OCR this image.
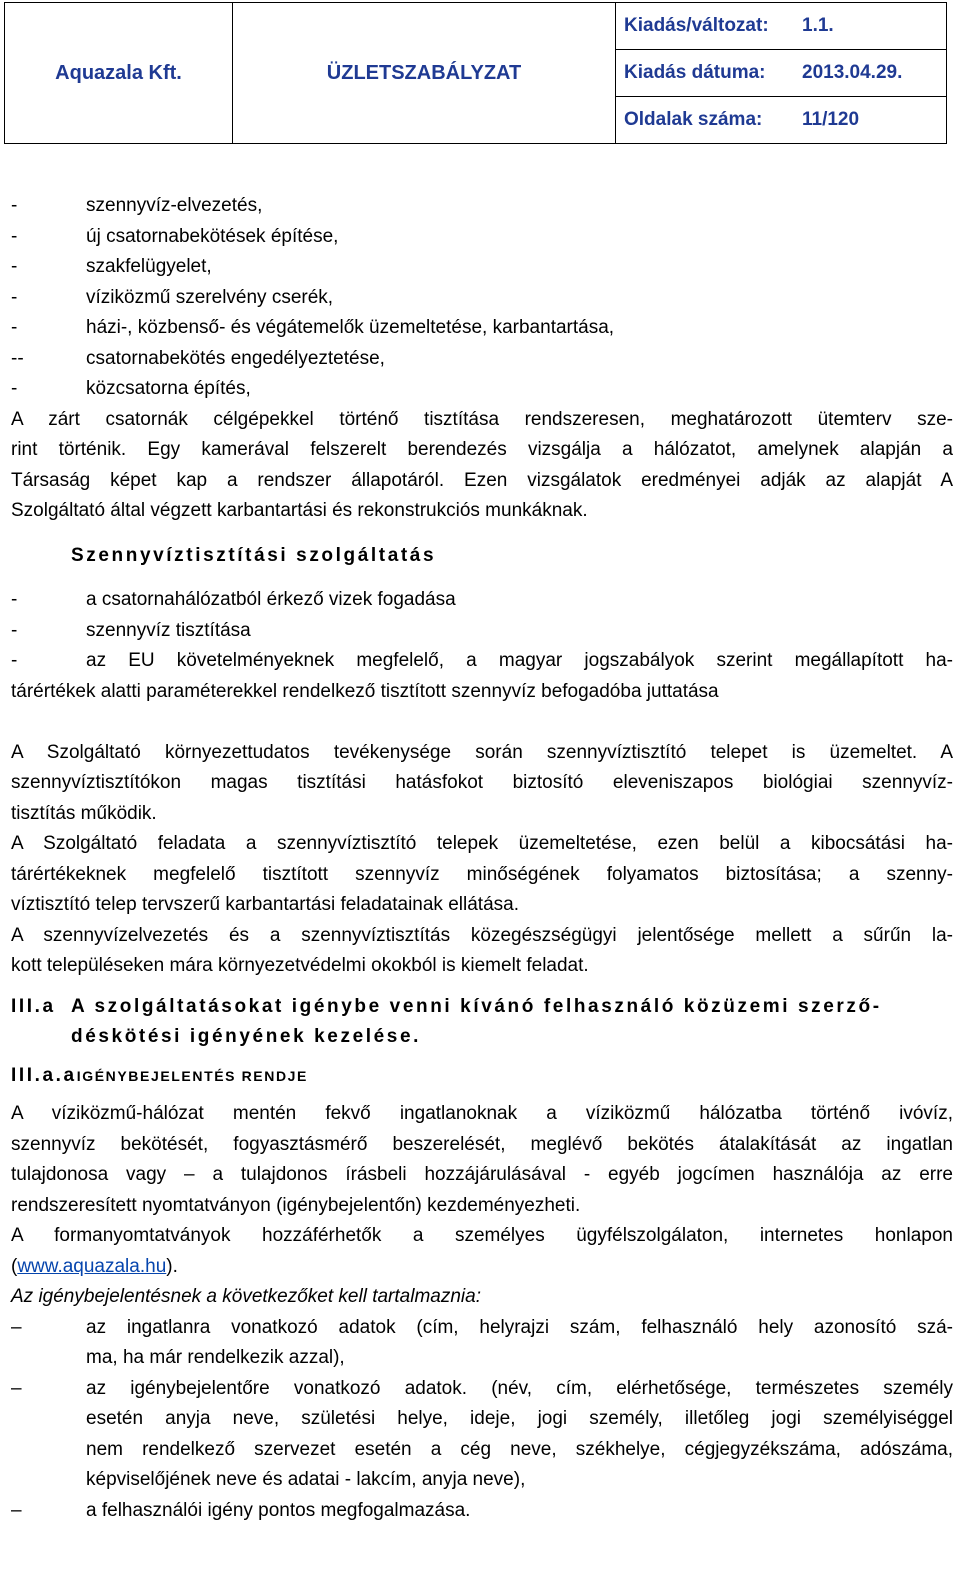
Aquazala Kft.	ÜZLETSZABÁLYZAT	Kiadás/változat: 1.1.
Kiadás dátuma: 2013.04.29.
Oldalak száma: 11/120
-	szennyvíz-elvezetés,
-	új csatornabekötések építése,
-	szakfelügyelet,
-	víziközmű szerelvény cserék,
-	házi-, közbenső- és végátemelők üzemeltetése, karbantartása,
--	csatornabekötés engedélyeztetése,
-	közcsatorna építés,
A zárt csatornák célgépekkel történő tisztítása rendszeresen, meghatározott ütemterv sze-
rint történik. Egy kamerával felszerelt berendezés vizsgálja a hálózatot, amelynek alapján a
Társaság képet kap a rendszer állapotáról. Ezen vizsgálatok eredményei adják az alapját A
Szolgáltató által végzett karbantartási és rekonstrukciós munkáknak.
Szennyvíztisztítási szolgáltatás
-	a csatornahálózatból érkező vizek fogadása
-	szennyvíz tisztítása
-	az EU követelményeknek megfelelő, a magyar jogszabályok szerint megállapított ha-
tárértékek alatti paraméterekkel rendelkező tisztított szennyvíz befogadóba juttatása
A Szolgáltató környezettudatos tevékenysége során szennyvíztisztító telepet is üzemeltet. A
szennyvíztisztítókon magas tisztítási hatásfokot biztosító eleveniszapos biológiai szennyvíz-
tisztítás működik.
A Szolgáltató feladata a szennyvíztisztító telepek üzemeltetése, ezen belül a kibocsátási ha-
tárértékeknek megfelelő tisztított szennyvíz minőségének folyamatos biztosítása; a szenny-
víztisztító telep tervszerű karbantartási feladatainak ellátása.
A szennyvízelvezetés és a szennyvíztisztítás közegészségügyi jelentősége mellett a sűrűn la-
kott településeken mára környezetvédelmi okokból is kiemelt feladat.
III.a A szolgáltatásokat igénybe venni kívánó felhasználó közüzemi szerző-
déskötési igényének kezelése.
III.a.aIGÉNYBEJELENTÉS RENDJE
A víziközmű-hálózat mentén fekvő ingatlanoknak a víziközmű hálózatba történő ivóvíz,
szennyvíz bekötését, fogyasztásmérő beszerelését, meglévő bekötés átalakítását az ingatlan
tulajdonosa vagy – a tulajdonos írásbeli hozzájárulásával - egyéb jogcímen használója az erre
rendszeresített nyomtatványon (igénybejelentőn) kezdeményezheti.
A formanyomtatványok hozzáférhetők a személyes ügyfélszolgálaton, internetes honlapon
(www.aquazala.hu).
Az igénybejelentésnek a következőket kell tartalmaznia:
–	az ingatlanra vonatkozó adatok (cím, helyrajzi szám, felhasználó hely azonosító szá-
ma, ha már rendelkezik azzal),
–	az igénybejelentőre vonatkozó adatok. (név, cím, elérhetősége, természetes személy
esetén anyja neve, születési helye, ideje, jogi személy, illetőleg jogi személyiséggel
nem rendelkező szervezet esetén a cég neve, székhelye, cégjegyzékszáma, adószáma,
képviselőjének neve és adatai - lakcím, anyja neve),
–	a felhasználói igény pontos megfogalmazása.
